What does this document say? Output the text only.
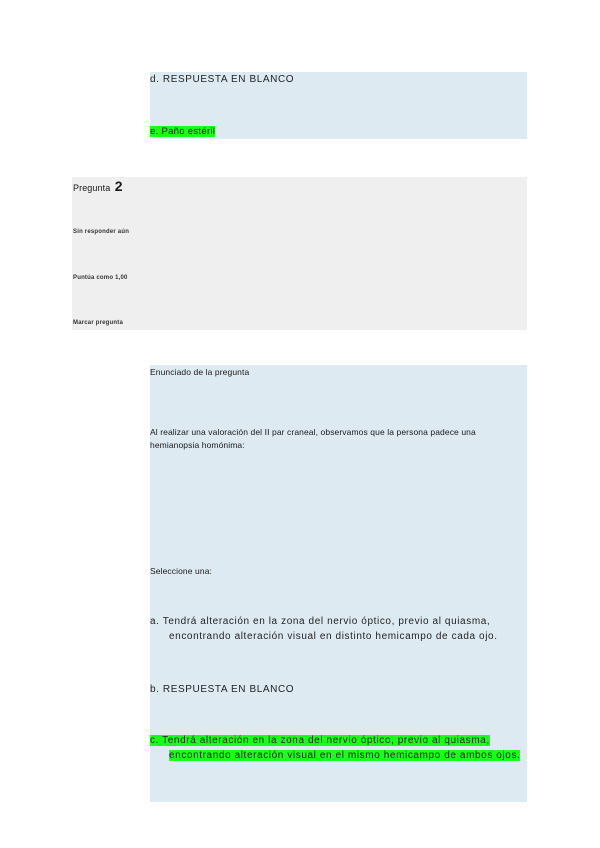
d. RESPUESTA EN BLANCO
e. Paño estéril
Pregunta 2
Sin responder aún
Puntúa como 1,00
Marcar pregunta
Enunciado de la pregunta
Al realizar una valoración del II par craneal, observamos que la persona padece una
hemianopsia homónima:
Seleccione una:
a. Tendrá alteración en la zona del nervio óptico, previo al quiasma,
encontrando alteración visual en distinto hemicampo de cada ojo.
b. RESPUESTA EN BLANCO
c. Tendrá alteración en la zona del nervio óptico, previo al quiasma,
encontrando alteración visual en el mismo hemicampo de ambos ojos.
